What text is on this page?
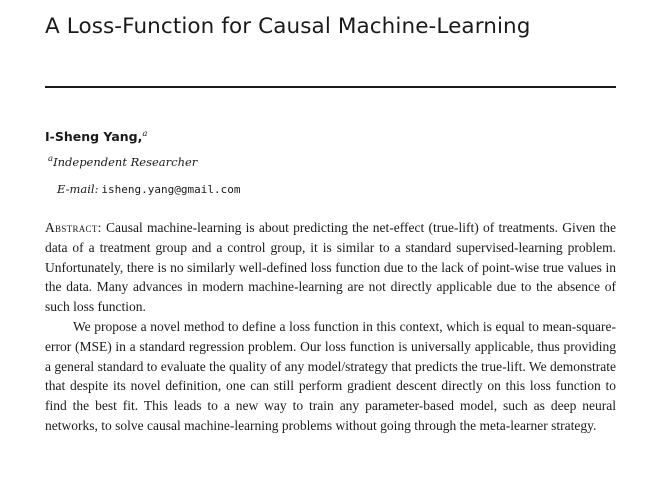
A Loss-Function for Causal Machine-Learning
I-Sheng Yang,$^a$
$^a$Independent Researcher
E-mail: isheng.yang@gmail.com

Abstract: Causal machine-learning is about predicting the net-effect (true-lift) of treatments. Given the data of a treatment group and a control group, it is similar to a standard supervised-learning problem. Unfortunately, there is no similarly well-defined loss function due to the lack of point-wise true values in the data. Many advances in modern machine-learning are not directly applicable due to the absence of such loss function.

We propose a novel method to define a loss function in this context, which is equal to mean-square-error (MSE) in a standard regression problem. Our loss function is universally applicable, thus providing a general standard to evaluate the quality of any model/strategy that predicts the true-lift. We demonstrate that despite its novel definition, one can still perform gradient descent directly on this loss function to find the best fit. This leads to a new way to train any parameter-based model, such as deep neural networks, to solve causal machine-learning problems without going through the meta-learner strategy.
